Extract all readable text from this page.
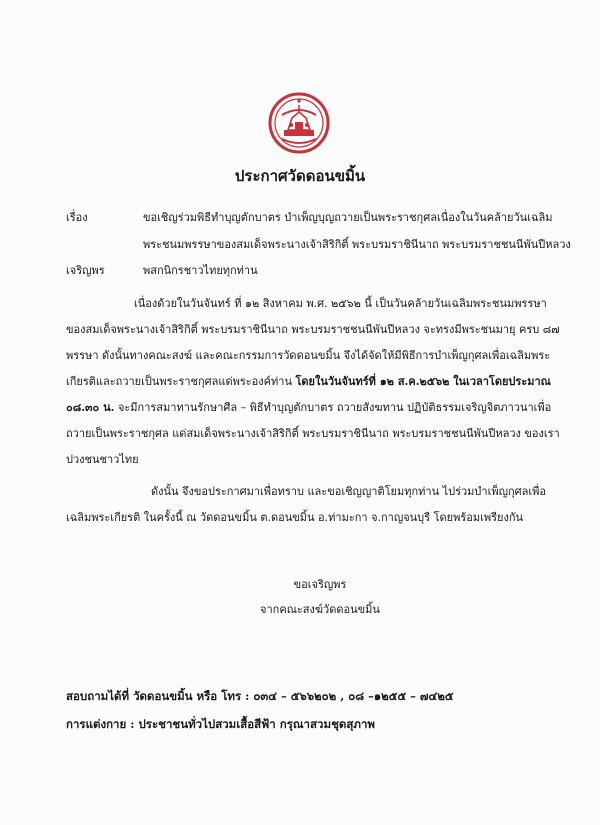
ประกาศวัดดอนขมิ้น
เรื่อง	ขอเชิญร่วมพิธีทำบุญตักบาตร บำเพ็ญบุญถวายเป็นพระราชกุศลเนื่องในวันคล้ายวันเฉลิม
พระชนมพรรษาของสมเด็จพระนางเจ้าสิริกิติ์ พระบรมราชินีนาถ พระบรมราชชนนีพันปีหลวง
เจริญพร	พสกนิกรชาวไทยทุกท่าน
เนื่องด้วยในวันจันทร์ ที่ ๑๒ สิงหาคม พ.ศ. ๒๕๖๒ นี้ เป็นวันคล้ายวันเฉลิมพระชนมพรรษา
ของสมเด็จพระนางเจ้าสิริกิติ์ พระบรมราชินีนาถ พระบรมราชชนนีพันปีหลวง จะทรงมีพระชนมายุ ครบ ๘๗
พรรษา ดังนั้นทางคณะสงฆ์ และคณะกรรมการวัดดอนขมิ้น จึงได้จัดให้มีพิธีการบำเพ็ญกุศลเพื่อเฉลิมพระ
เกียรติและถวายเป็นพระราชกุศลแด่พระองค์ท่าน โดยในวันจันทร์ที่ ๑๒ ส.ค.๒๕๖๒ ในเวลาโดยประมาณ
๐๘.๓๐ น. จะมีการสมาทานรักษาศีล – พิธีทำบุญตักบาตร ถวายสังฆทาน ปฏิบัติธรรมเจริญจิตภาวนาเพื่อ
ถวายเป็นพระราชกุศล แด่สมเด็จพระนางเจ้าสิริกิติ์ พระบรมราชินีนาถ พระบรมราชชนนีพันปีหลวง ของเรา
ปวงชนชาวไทย
ดังนั้น จึงขอประกาศมาเพื่อทราบ และขอเชิญญาติโยมทุกท่าน ไปร่วมบำเพ็ญกุศลเพื่อ
เฉลิมพระเกียรติ ในครั้งนี้ ณ วัดดอนขมิ้น ต.ดอนขมิ้น อ.ท่ามะกา จ.กาญจนบุรี โดยพร้อมเพรียงกัน
ขอเจริญพร
จากคณะสงฆ์วัดดอนขมิ้น
สอบถามได้ที่ วัดดอนขมิ้น หรือ โทร : ๐๓๔ – ๕๖๖๒๐๒ , ๐๘ –๑๒๕๕ – ๗๔๒๕
การแต่งกาย : ประชาชนทั่วไปสวมเสื้อสีฟ้า กรุณาสวมชุดสุภาพ
